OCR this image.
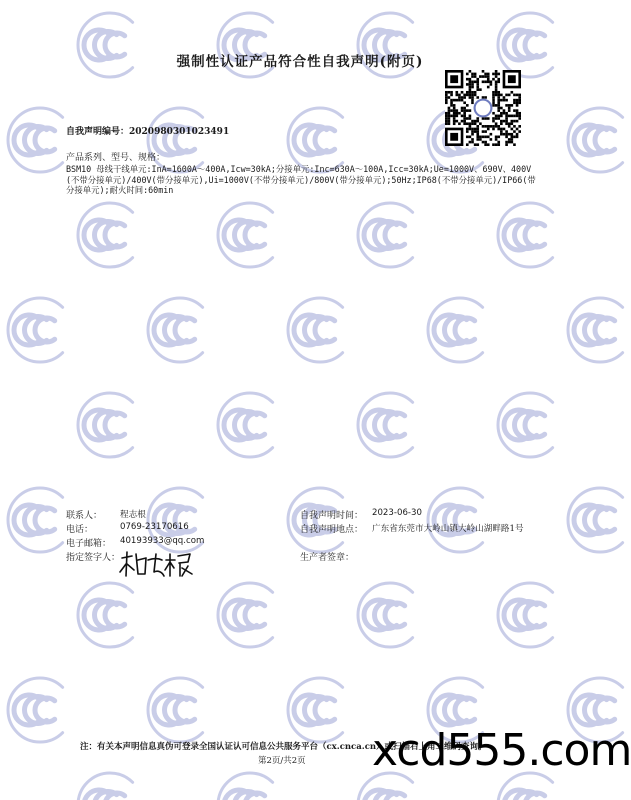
强制性认证产品符合性自我声明(附页)
自我声明编号：2020980301023491
产品系列、型号、规格：
BSM10 母线干线单元:InA=1600A～400A,Icw=30kA;分接单元:Inc=630A～100A,Icc=30kA;Ue=1000V、690V、400V(不带分接单元)/400V(带分接单元),Ui=1000V(不带分接单元)/800V(带分接单元);50Hz;IP68(不带分接单元)/IP66(带分接单元);耐火时间:60min
联系人： 程志根
电话：	0769-23170616
电子邮箱： 40193933@qq.com
指定签字人：
自我声明时间： 2023-06-30
自我声明地点： 广东省东莞市大岭山镇大岭山湖畔路1号
生产者签章：
注：有关本声明信息真伪可登录全国认证认可信息公共服务平台（cx.cnca.cn）或扫描右上角二维码查询。
第2页/共2页 xcd555.com
